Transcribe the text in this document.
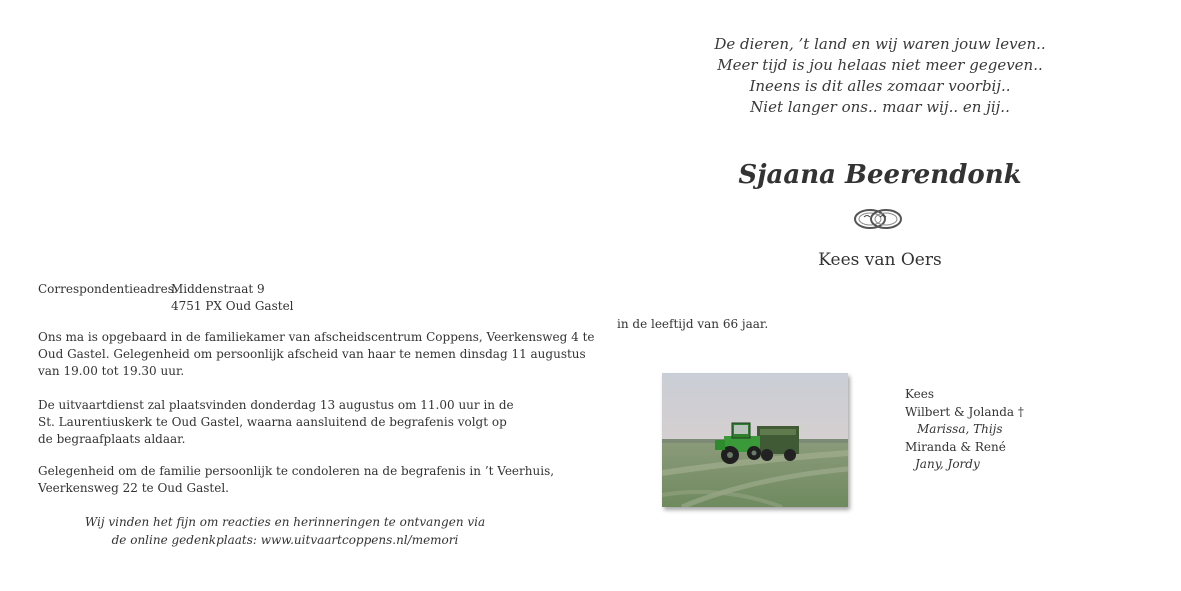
De dieren, ’t land en wij waren jouw leven..
Meer tijd is jou helaas niet meer gegeven..
Ineens is dit alles zomaar voorbij..
Niet langer ons.. maar wij.. en jij..
Sjaana Beerendonk
Kees van Oers
in de leeftijd van 66 jaar.
Kees
Wilbert & Jolanda †
Marissa, Thijs
Miranda & René
Jany, Jordy
Correspondentieadres:
Middenstraat 9
4751 PX Oud Gastel
Ons ma is opgebaard in de familiekamer van afscheidscentrum Coppens, Veerkensweg 4 te
Oud Gastel. Gelegenheid om persoonlijk afscheid van haar te nemen dinsdag 11 augustus
van 19.00 tot 19.30 uur.
De uitvaartdienst zal plaatsvinden donderdag 13 augustus om 11.00 uur in de
St. Laurentiuskerk te Oud Gastel, waarna aansluitend de begrafenis volgt op
de begraafplaats aldaar.
Gelegenheid om de familie persoonlijk te condoleren na de begrafenis in ’t Veerhuis,
Veerkensweg 22 te Oud Gastel.
Wij vinden het fijn om reacties en herinneringen te ontvangen via
de online gedenkplaats: www.uitvaartcoppens.nl/memori
